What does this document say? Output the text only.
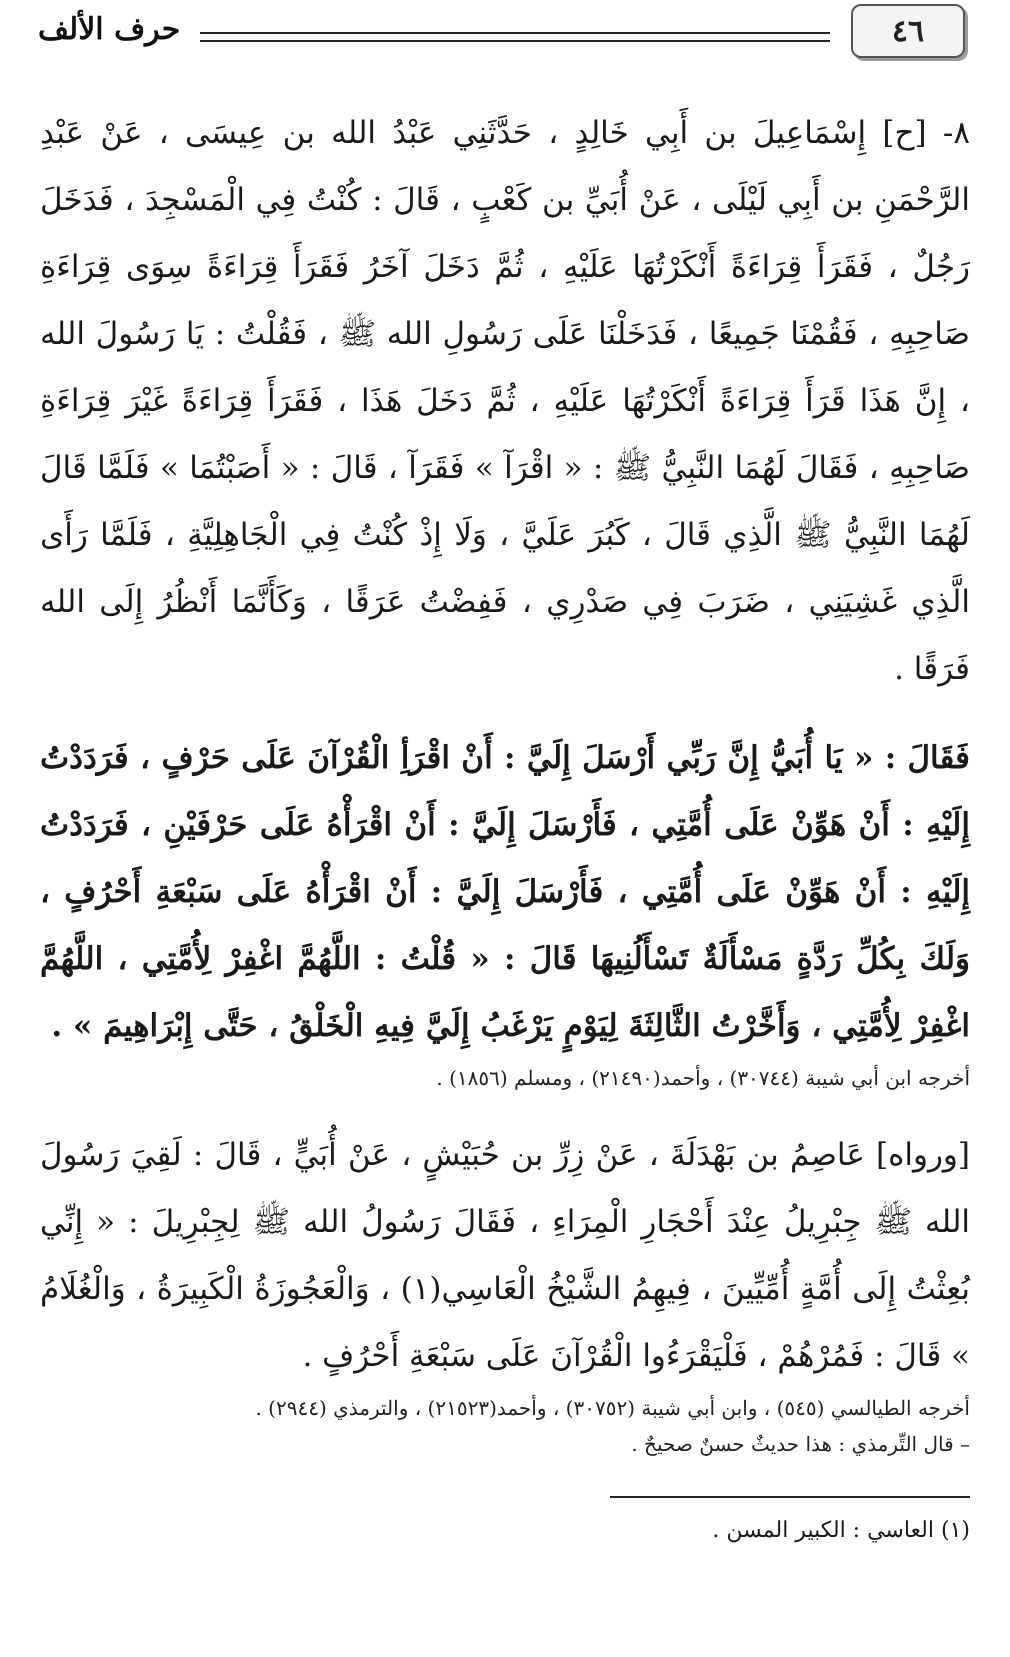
٤٦
حرف الألف

٨- [ح] إِسْمَاعِيلَ بن أَبِي خَالِدٍ ، حَدَّثَنِي عَبْدُ الله بن عِيسَى ، عَنْ عَبْدِ الرَّحْمَنِ بن أَبِي لَيْلَى ، عَنْ أُبَيِّ بن كَعْبٍ ، قَالَ : كُنْتُ فِي الْمَسْجِدَ ، فَدَخَلَ رَجُلٌ ، فَقَرَأَ قِرَاءَةً أَنْكَرْتُهَا عَلَيْهِ ، ثُمَّ دَخَلَ آخَرُ فَقَرَأَ قِرَاءَةً سِوَى قِرَاءَةِ صَاحِبِهِ ، فَقُمْنَا جَمِيعًا ، فَدَخَلْنَا عَلَى رَسُولِ الله ﷺ ، فَقُلْتُ : يَا رَسُولَ الله ، إِنَّ هَذَا قَرَأَ قِرَاءَةً أَنْكَرْتُهَا عَلَيْهِ ، ثُمَّ دَخَلَ هَذَا ، فَقَرَأَ قِرَاءَةً غَيْرَ قِرَاءَةِ صَاحِبِهِ ، فَقَالَ لَهُمَا النَّبِيُّ ﷺ : « اقْرَآ » فَقَرَآ ، قَالَ : « أَصَبْتُمَا » فَلَمَّا قَالَ لَهُمَا النَّبِيُّ ﷺ الَّذِي قَالَ ، كَبُرَ عَلَيَّ ، وَلَا إِذْ كُنْتُ فِي الْجَاهِلِيَّةِ ، فَلَمَّا رَأَى الَّذِي غَشِيَنِي ، ضَرَبَ فِي صَدْرِي ، فَفِضْتُ عَرَقًا ، وَكَأَنَّمَا أَنْظُرُ إِلَى الله فَرَقًا .

فَقَالَ : « يَا أُبَيُّ إِنَّ رَبِّي أَرْسَلَ إِلَيَّ : أَنْ اقْرَأِ الْقُرْآنَ عَلَى حَرْفٍ ، فَرَدَدْتُ إِلَيْهِ : أَنْ هَوِّنْ عَلَى أُمَّتِي ، فَأَرْسَلَ إِلَيَّ : أَنْ اقْرَأْهُ عَلَى حَرْفَيْنِ ، فَرَدَدْتُ إِلَيْهِ : أَنْ هَوِّنْ عَلَى أُمَّتِي ، فَأَرْسَلَ إِلَيَّ : أَنْ اقْرَأْهُ عَلَى سَبْعَةِ أَحْرُفٍ ، وَلَكَ بِكُلِّ رَدَّةٍ مَسْأَلَةٌ تَسْأَلُنِيهَا قَالَ : « قُلْتُ : اللَّهُمَّ اغْفِرْ لِأُمَّتِي ، اللَّهُمَّ اغْفِرْ لِأُمَّتِي ، وَأَخَّرْتُ الثَّالِثَةَ لِيَوْمٍ يَرْغَبُ إِلَيَّ فِيهِ الْخَلْقُ ، حَتَّى إِبْرَاهِيمَ » .

أخرجه ابن أبي شيبة (٣٠٧٤٤) ، وأحمد(٢١٤٩٠) ، ومسلم (١٨٥٦) .

[ورواه] عَاصِمُ بن بَهْدَلَةَ ، عَنْ زِرِّ بن حُبَيْشٍ ، عَنْ أُبَيٍّ ، قَالَ : لَقِيَ رَسُولَ الله ﷺ جِبْرِيلُ عِنْدَ أَحْجَارِ الْمِرَاءِ ، فَقَالَ رَسُولُ الله ﷺ لِجِبْرِيلَ : « إِنِّي بُعِثْتُ إِلَى أُمَّةٍ أُمِّيِّينَ ، فِيهِمُ الشَّيْخُ الْعَاسِي(١) ، وَالْعَجُوزَةُ الْكَبِيرَةُ ، وَالْغُلَامُ » قَالَ : فَمُرْهُمْ ، فَلْيَقْرَءُوا الْقُرْآنَ عَلَى سَبْعَةِ أَحْرُفٍ .

أخرجه الطيالسي (٥٤٥) ، وابن أبي شيبة (٣٠٧٥٢) ، وأحمد(٢١٥٢٣) ، والترمذي (٢٩٤٤) .

– قال التِّرمذي : هذا حديثٌ حسنٌ صحيحٌ .

(١) العاسي : الكبير المسن .
